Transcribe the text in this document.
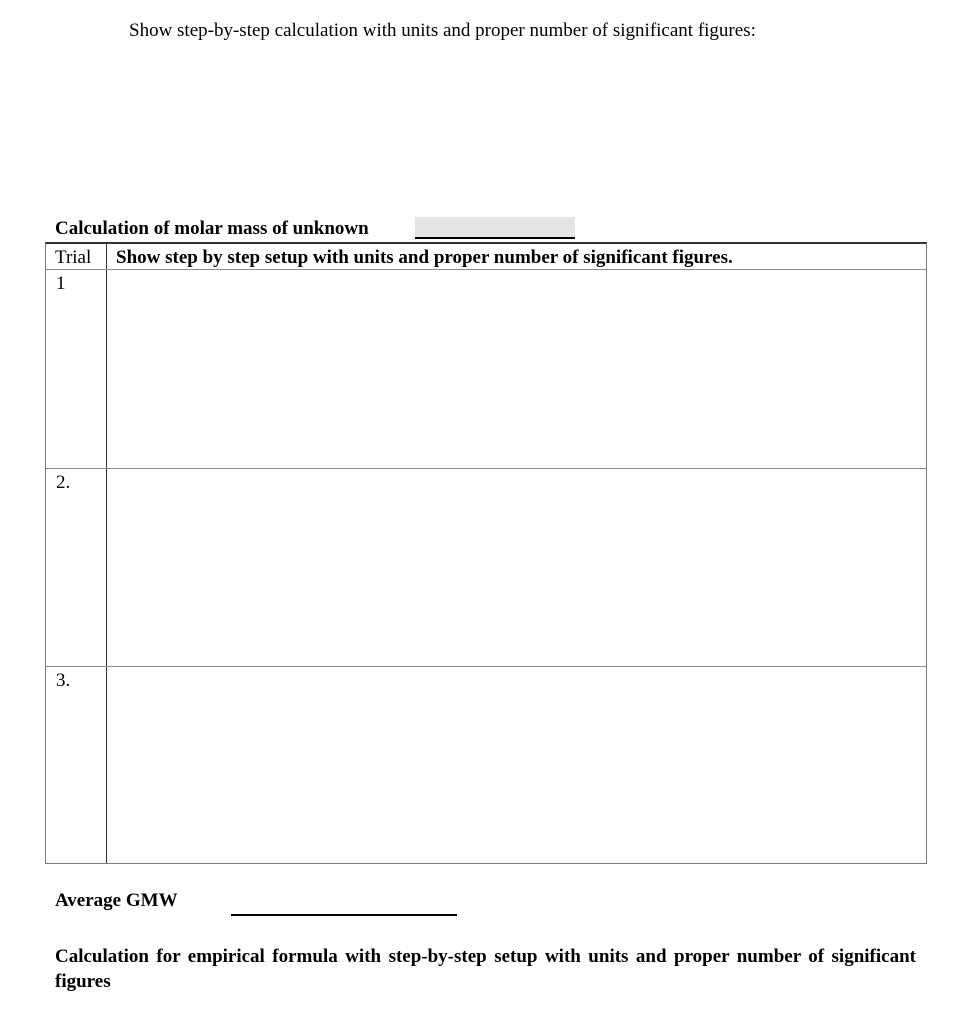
Show step-by-step calculation with units and proper number of significant figures:
Calculation of molar mass of unknown
Trial Show step by step setup with units and proper number of significant figures.
1
2.
3.
Average GMW
Calculation for empirical formula with step-by-step setup with units and proper number of significant figures
